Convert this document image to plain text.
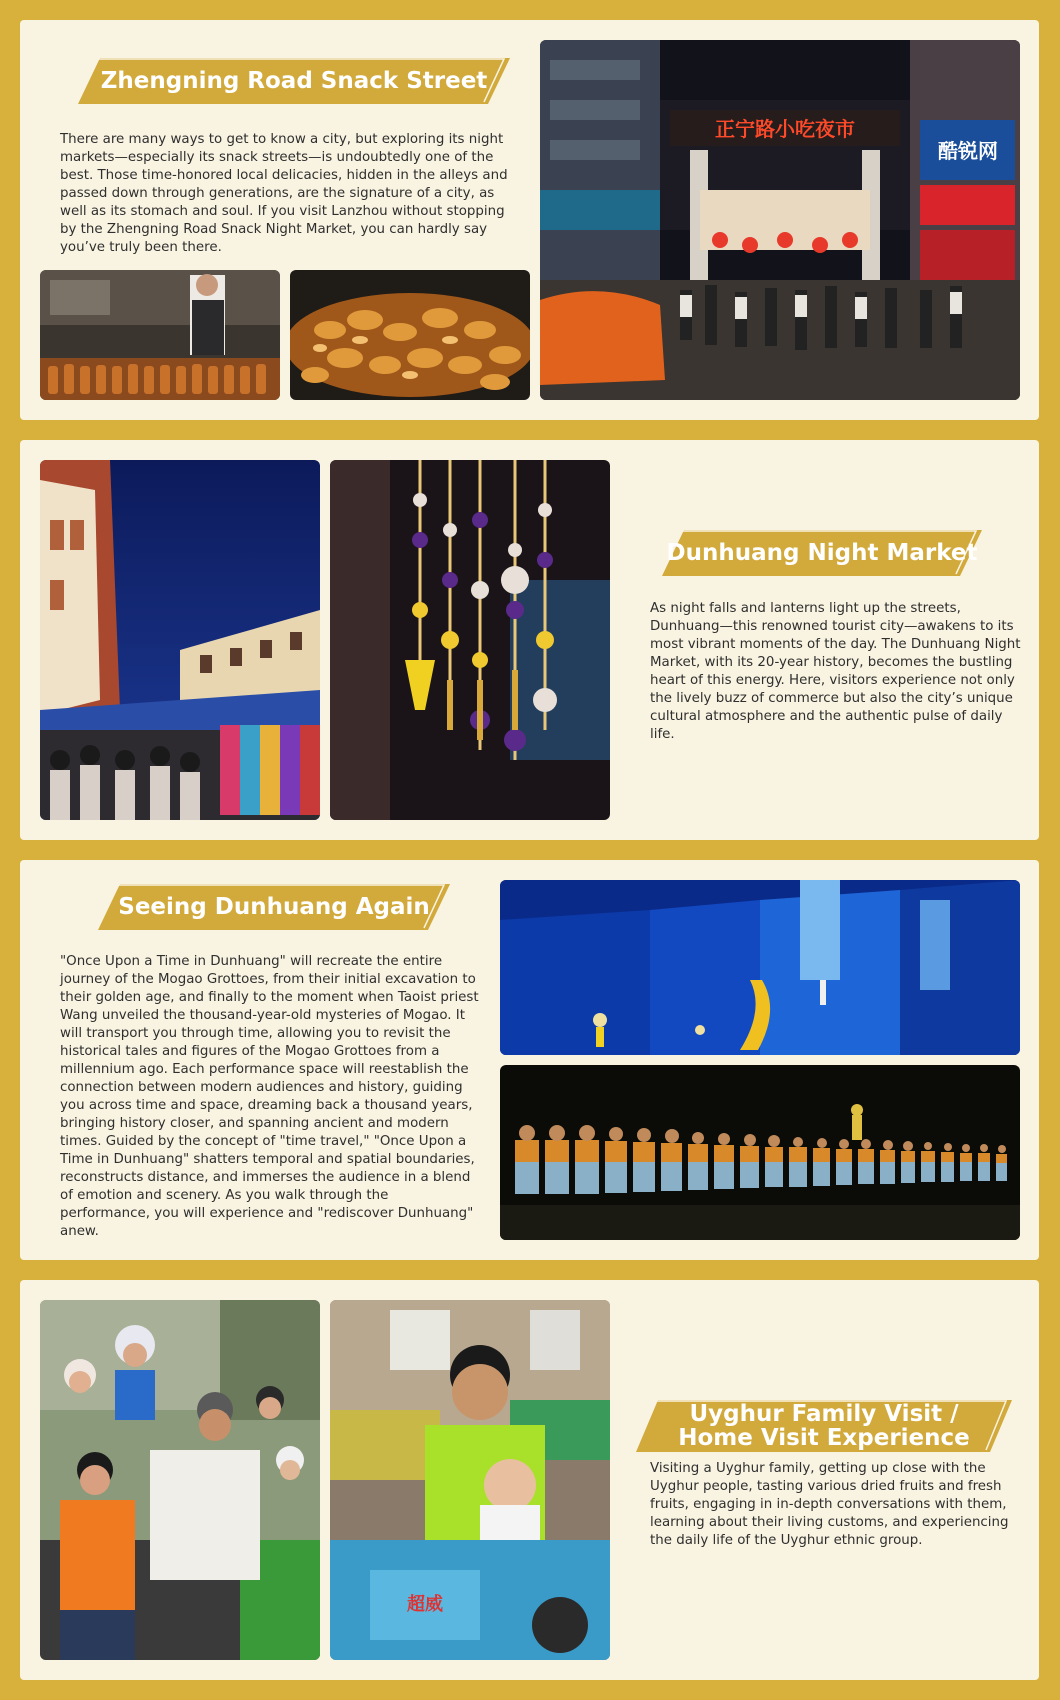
Zhengning Road Snack Street

There are many ways to get to know a city, but exploring its night markets—especially its snack streets—is undoubtedly one of the best. Those time-honored local delicacies, hidden in the alleys and passed down through generations, are the signature of a city, as well as its stomach and soul. If you visit Lanzhou without stopping by the Zhengning Road Snack Night Market, you can hardly say you’ve truly been there.

正宁路小吃夜市
酷锐网
Dunhuang Night Market

As night falls and lanterns light up the streets, Dunhuang—this renowned tourist city—awakens to its most vibrant moments of the day. The Dunhuang Night Market, with its 20-year history, becomes the bustling heart of this energy. Here, visitors experience not only the lively buzz of commerce but also the city’s unique cultural atmosphere and the authentic pulse of daily life.

Seeing Dunhuang Again

"Once Upon a Time in Dunhuang" will recreate the entire journey of the Mogao Grottoes, from their initial excavation to their golden age, and finally to the moment when Taoist priest Wang unveiled the thousand-year-old mysteries of Mogao. It will transport you through time, allowing you to revisit the historical tales and figures of the Mogao Grottoes from a millennium ago. Each performance space will reestablish the connection between modern audiences and history, guiding you across time and space, dreaming back a thousand years, bringing history closer, and spanning ancient and modern times. Guided by the concept of "time travel," "Once Upon a Time in Dunhuang" shatters temporal and spatial boundaries, reconstructs distance, and immerses the audience in a blend of emotion and scenery. As you walk through the performance, you will experience and "rediscover Dunhuang" anew.

超威
Uyghur Family Visit / Home Visit Experience

Visiting a Uyghur family, getting up close with the Uyghur people, tasting various dried fruits and fresh fruits, engaging in in-depth conversations with them, learning about their living customs, and experiencing the daily life of the Uyghur ethnic group.
